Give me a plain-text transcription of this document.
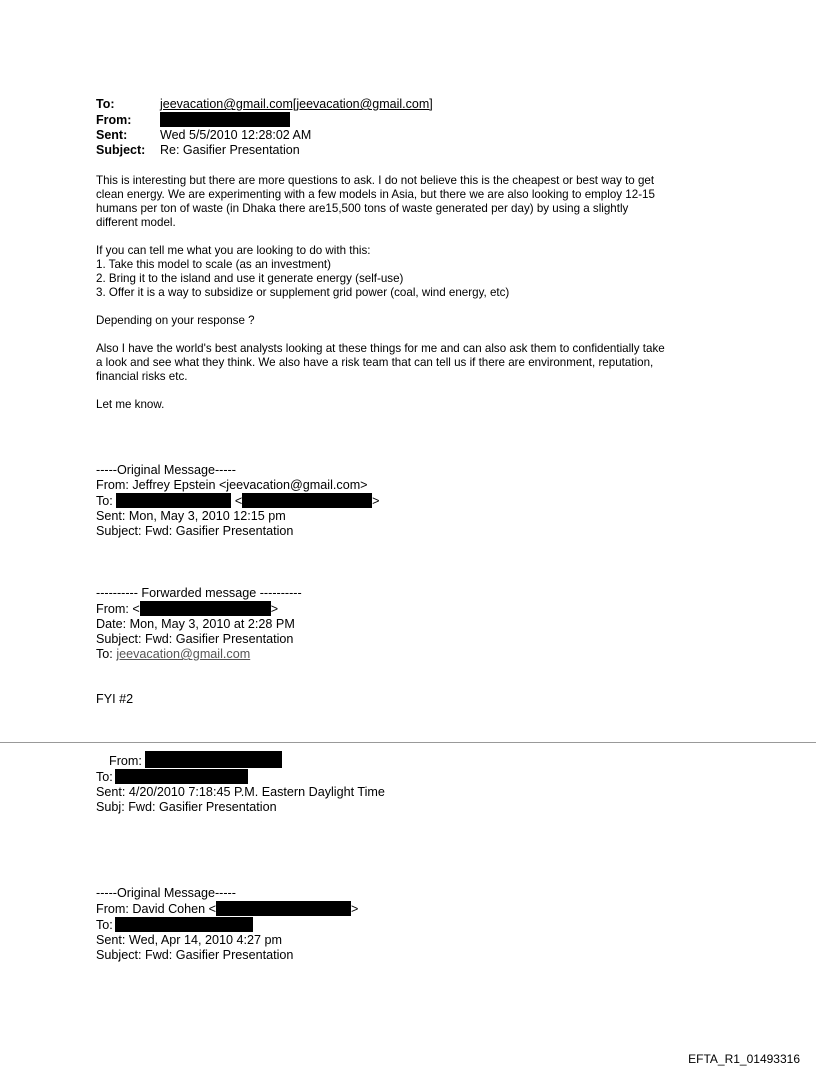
To:	jeevacation@gmail.com[jeevacation@gmail.com]
From:
Sent:	Wed 5/5/2010 12:28:02 AM
Subject: Re: Gasifier Presentation
This is interesting but there are more questions to ask. I do not believe this is the cheapest or best way to get
clean energy. We are experimenting with a few models in Asia, but there we are also looking to employ 12-15
humans per ton of waste (in Dhaka there are15,500 tons of waste generated per day) by using a slightly
different model.
If you can tell me what you are looking to do with this:
1. Take this model to scale (as an investment)
2. Bring it to the island and use it generate energy (self-use)
3. Offer it is a way to subsidize or supplement grid power (coal, wind energy, etc)
Depending on your response ?
Also I have the world's best analysts looking at these things for me and can also ask them to confidentially take
a look and see what they think. We also have a risk team that can tell us if there are environment, reputation,
financial risks etc.
Let me know.
-----Original Message-----
From: Jeffrey Epstein <jeevacation@gmail.com>
To:	<	>
Sent: Mon, May 3, 2010 12:15 pm
Subject: Fwd: Gasifier Presentation
---------- Forwarded message ----------
From: <	>
Date: Mon, May 3, 2010 at 2:28 PM
Subject: Fwd: Gasifier Presentation
To: jeevacation@gmail.com
FYI #2
From:
To:
Sent: 4/20/2010 7:18:45 P.M. Eastern Daylight Time
Subj: Fwd: Gasifier Presentation
-----Original Message-----
From: David Cohen <	>
To:
Sent: Wed, Apr 14, 2010 4:27 pm
Subject: Fwd: Gasifier Presentation
EFTA_R1_01493316
